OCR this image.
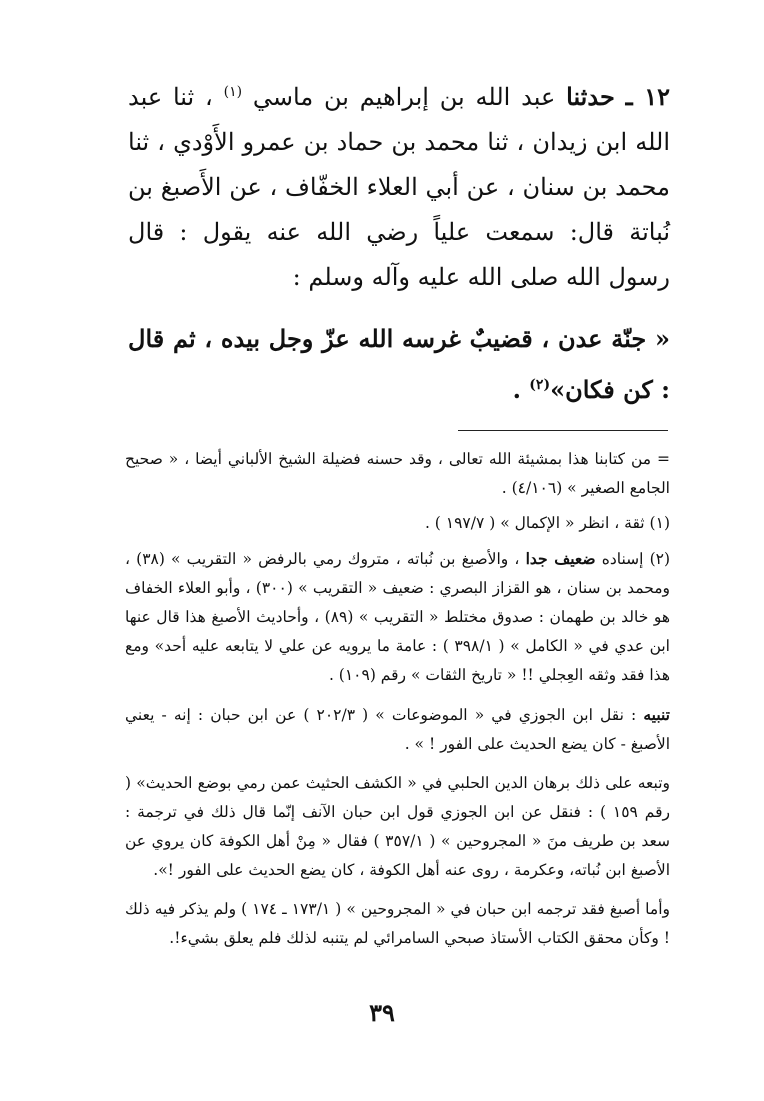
١٢ ـ حدثنا عبد الله بن إبراهيم بن ماسي $^{(١)}$ ، ثنا عبد الله ابن زيدان ، ثنا محمد بن حماد بن عمرو الأَوْدي ، ثنا محمد بن سنان ، عن أبي العلاء الخفّاف ، عن الأَصبغ بن نُباتة قال: سمعت علياً رضي الله عنه يقول : قال رسول الله صلى الله عليه وآله وسلم :

« جنّة عدن ، قضيبٌ غرسه الله عزّ وجل بيده ، ثم قال : كن فكان»$^{(٢)}$ .

= من كتابنا هذا بمشيئة الله تعالى ، وقد حسنه فضيلة الشيخ الألباني أيضا ، « صحيح الجامع الصغير » (٤/١٠٦) .

(١) ثقة ، انظر « الإكمال » ( ١٩٧/٧ ) .

(٢) إسناده ضعيف جدا ، والأصبغ بن نُباته ، متروك رمي بالرفض « التقريب » (٣٨) ، ومحمد بن سنان ، هو القزاز البصري : ضعيف « التقريب » (٣٠٠) ، وأبو العلاء الخفاف هو خالد بن طهمان : صدوق مختلط « التقريب » (٨٩) ، وأحاديث الأصبغ هذا قال عنها ابن عدي في « الكامل » ( ٣٩٨/١ ) : عامة ما يرويه عن علي لا يتابعه عليه أحد» ومع هذا فقد وثقه العِجلي !! « تاريخ الثقات » رقم (١٠٩) .

تنبيه : نقل ابن الجوزي في « الموضوعات » ( ٢٠٢/٣ ) عن ابن حبان : إنه - يعني الأصبغ - كان يضع الحديث على الفور ! » .

وتبعه على ذلك برهان الدين الحلبي في « الكشف الحثيث عمن رمي بوضع الحديث» ( رقم ١٥٩ ) : فنقل عن ابن الجوزي قول ابن حبان الآنف إنّما قال ذلك في ترجمة : سعد بن طريف منَ « المجروحين » ( ٣٥٧/١ ) فقال « مِنْ أهل الكوفة كان يروي عن الأصبغ ابن نُباته، وعكرمة ، روى عنه أهل الكوفة ، كان يضع الحديث على الفور !».

وأما أصبغ فقد ترجمه ابن حبان في « المجروحين » ( ١٧٣/١ ـ ١٧٤ ) ولم يذكر فيه ذلك ! وكأن محقق الكتاب الأستاذ صبحي السامرائي لم يتنبه لذلك فلم يعلق بشيء!.

٣٩
